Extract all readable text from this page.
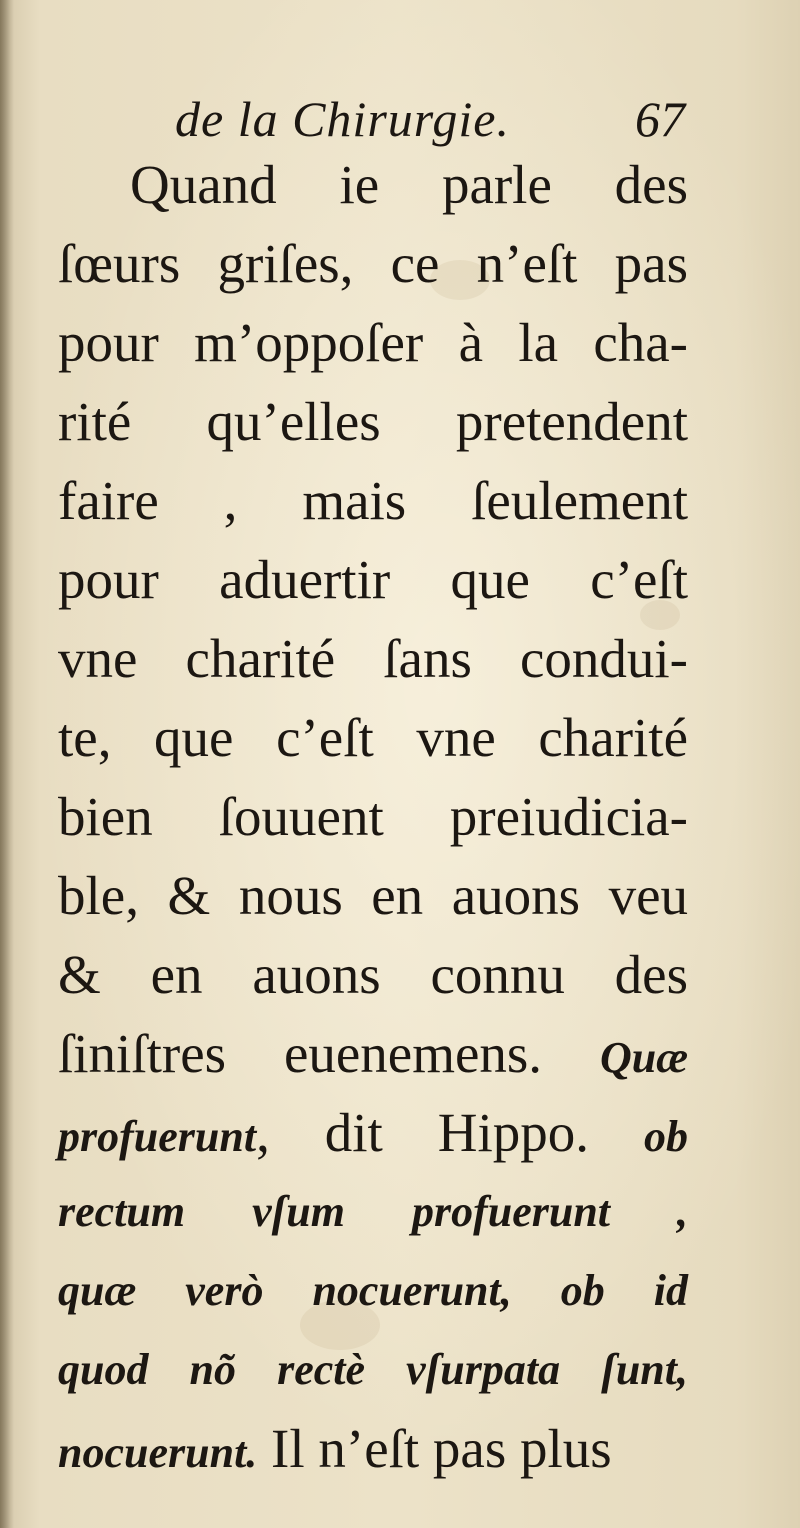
de la Chirurgie.	67
Quand ie parle des
ſœurs griſes, ce n’eſt pas
pour m’oppoſer à la cha-
rité qu’elles pretendent
faire , mais ſeulement
pour aduertir que c’eſt
vne charité ſans condui-
te, que c’eſt vne charité
bien ſouuent preiudicia-
ble, & nous en auons veu
& en auons connu des
ſiniſtres euenemens. Quæ
profuerunt, dit Hippo. ob
rectum vſum profuerunt ,
quæ verò nocuerunt, ob id
quod nõ rectè vſurpata ſunt,
nocuerunt. Il n’eſt pas plus
